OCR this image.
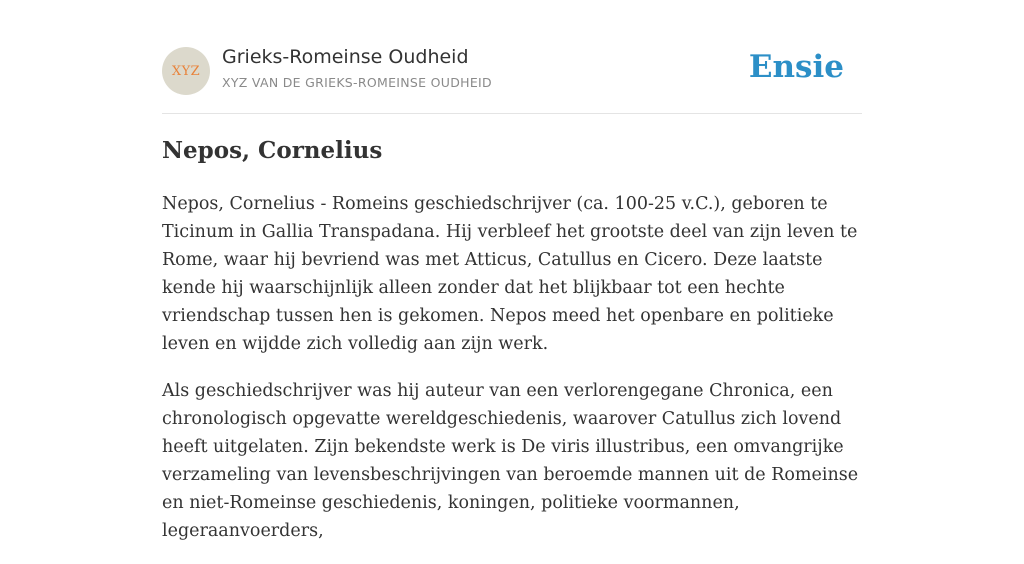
XYZ
Grieks-Romeinse Oudheid
XYZ VAN DE GRIEKS-ROMEINSE OUDHEID	Ensie
Nepos, Cornelius

Nepos, Cornelius - Romeins geschiedschrijver (ca. 100-25 v.C.), geboren te Ticinum in Gallia Transpadana. Hij verbleef het grootste deel van zijn leven te Rome, waar hij bevriend was met Atticus, Catullus en Cicero. Deze laatste kende hij waarschijnlijk alleen zonder dat het blijkbaar tot een hechte vriendschap tussen hen is gekomen. Nepos meed het openbare en politieke leven en wijdde zich volledig aan zijn werk.

Als geschiedschrijver was hij auteur van een verlorengegane Chronica, een chronologisch opgevatte wereldgeschiedenis, waarover Catullus zich lovend heeft uitgelaten. Zijn bekendste werk is De viris illustribus, een omvangrijke verzameling van levensbeschrijvingen van beroemde mannen uit de Romeinse en niet-Romeinse geschiedenis, koningen, politieke voormannen, legeraanvoerders,
